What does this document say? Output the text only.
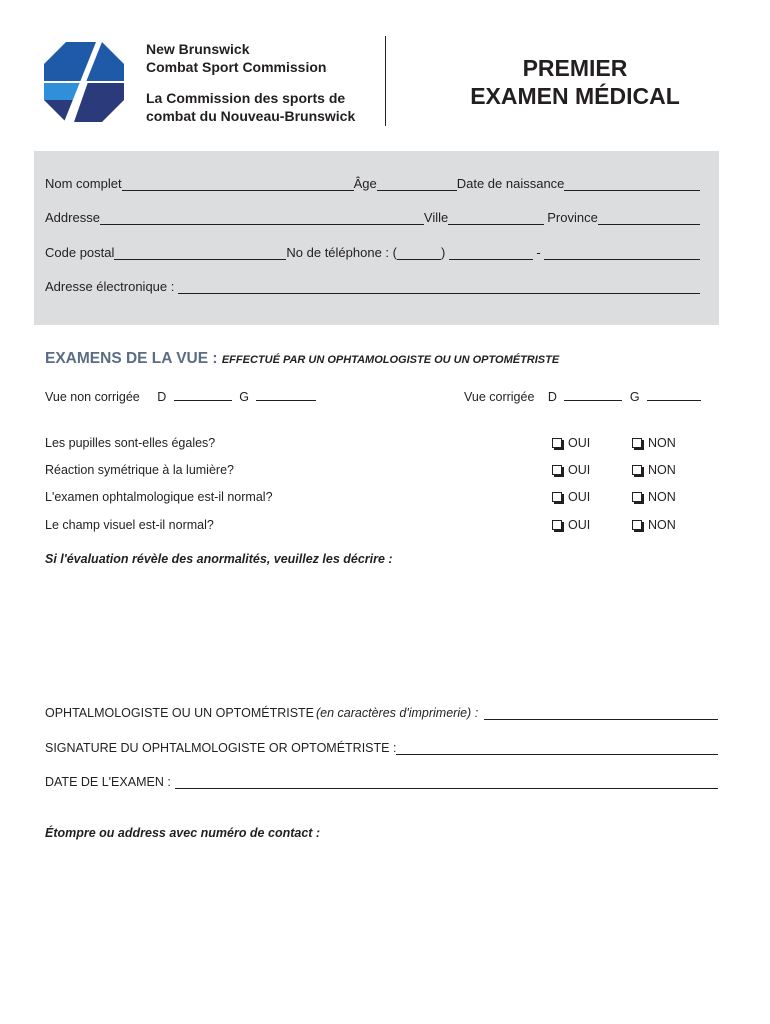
New Brunswick
Combat Sport Commission
La Commission des sports de
combat du Nouveau-Brunswick
PREMIER
EXAMEN MÉDICAL
Nom complet	Âge	Date de naissance
Addresse	Ville	Province
Code postal	No de téléphone : (	)	-
Adresse électronique :
EXAMENS DE LA VUE : EFFECTUÉ PAR UN OPHTAMOLOGISTE OU UN OPTOMÉTRISTE
Vue non corrigée D	G	Vue corrigée D	G
Les pupilles sont-elles égales?	OUI	NON
Réaction symétrique à la lumière?	OUI	NON
L'examen ophtalmologique est-il normal?	OUI	NON
Le champ visuel est-il normal?	OUI	NON
Si l'évaluation révèle des anormalités, veuillez les décrire :
OPHTALMOLOGISTE OU UN OPTOMÉTRISTE (en caractères d'imprimerie) :
SIGNATURE DU OPHTALMOLOGISTE OR OPTOMÉTRISTE :
DATE DE L'EXAMEN :
Étompre ou address avec numéro de contact :
